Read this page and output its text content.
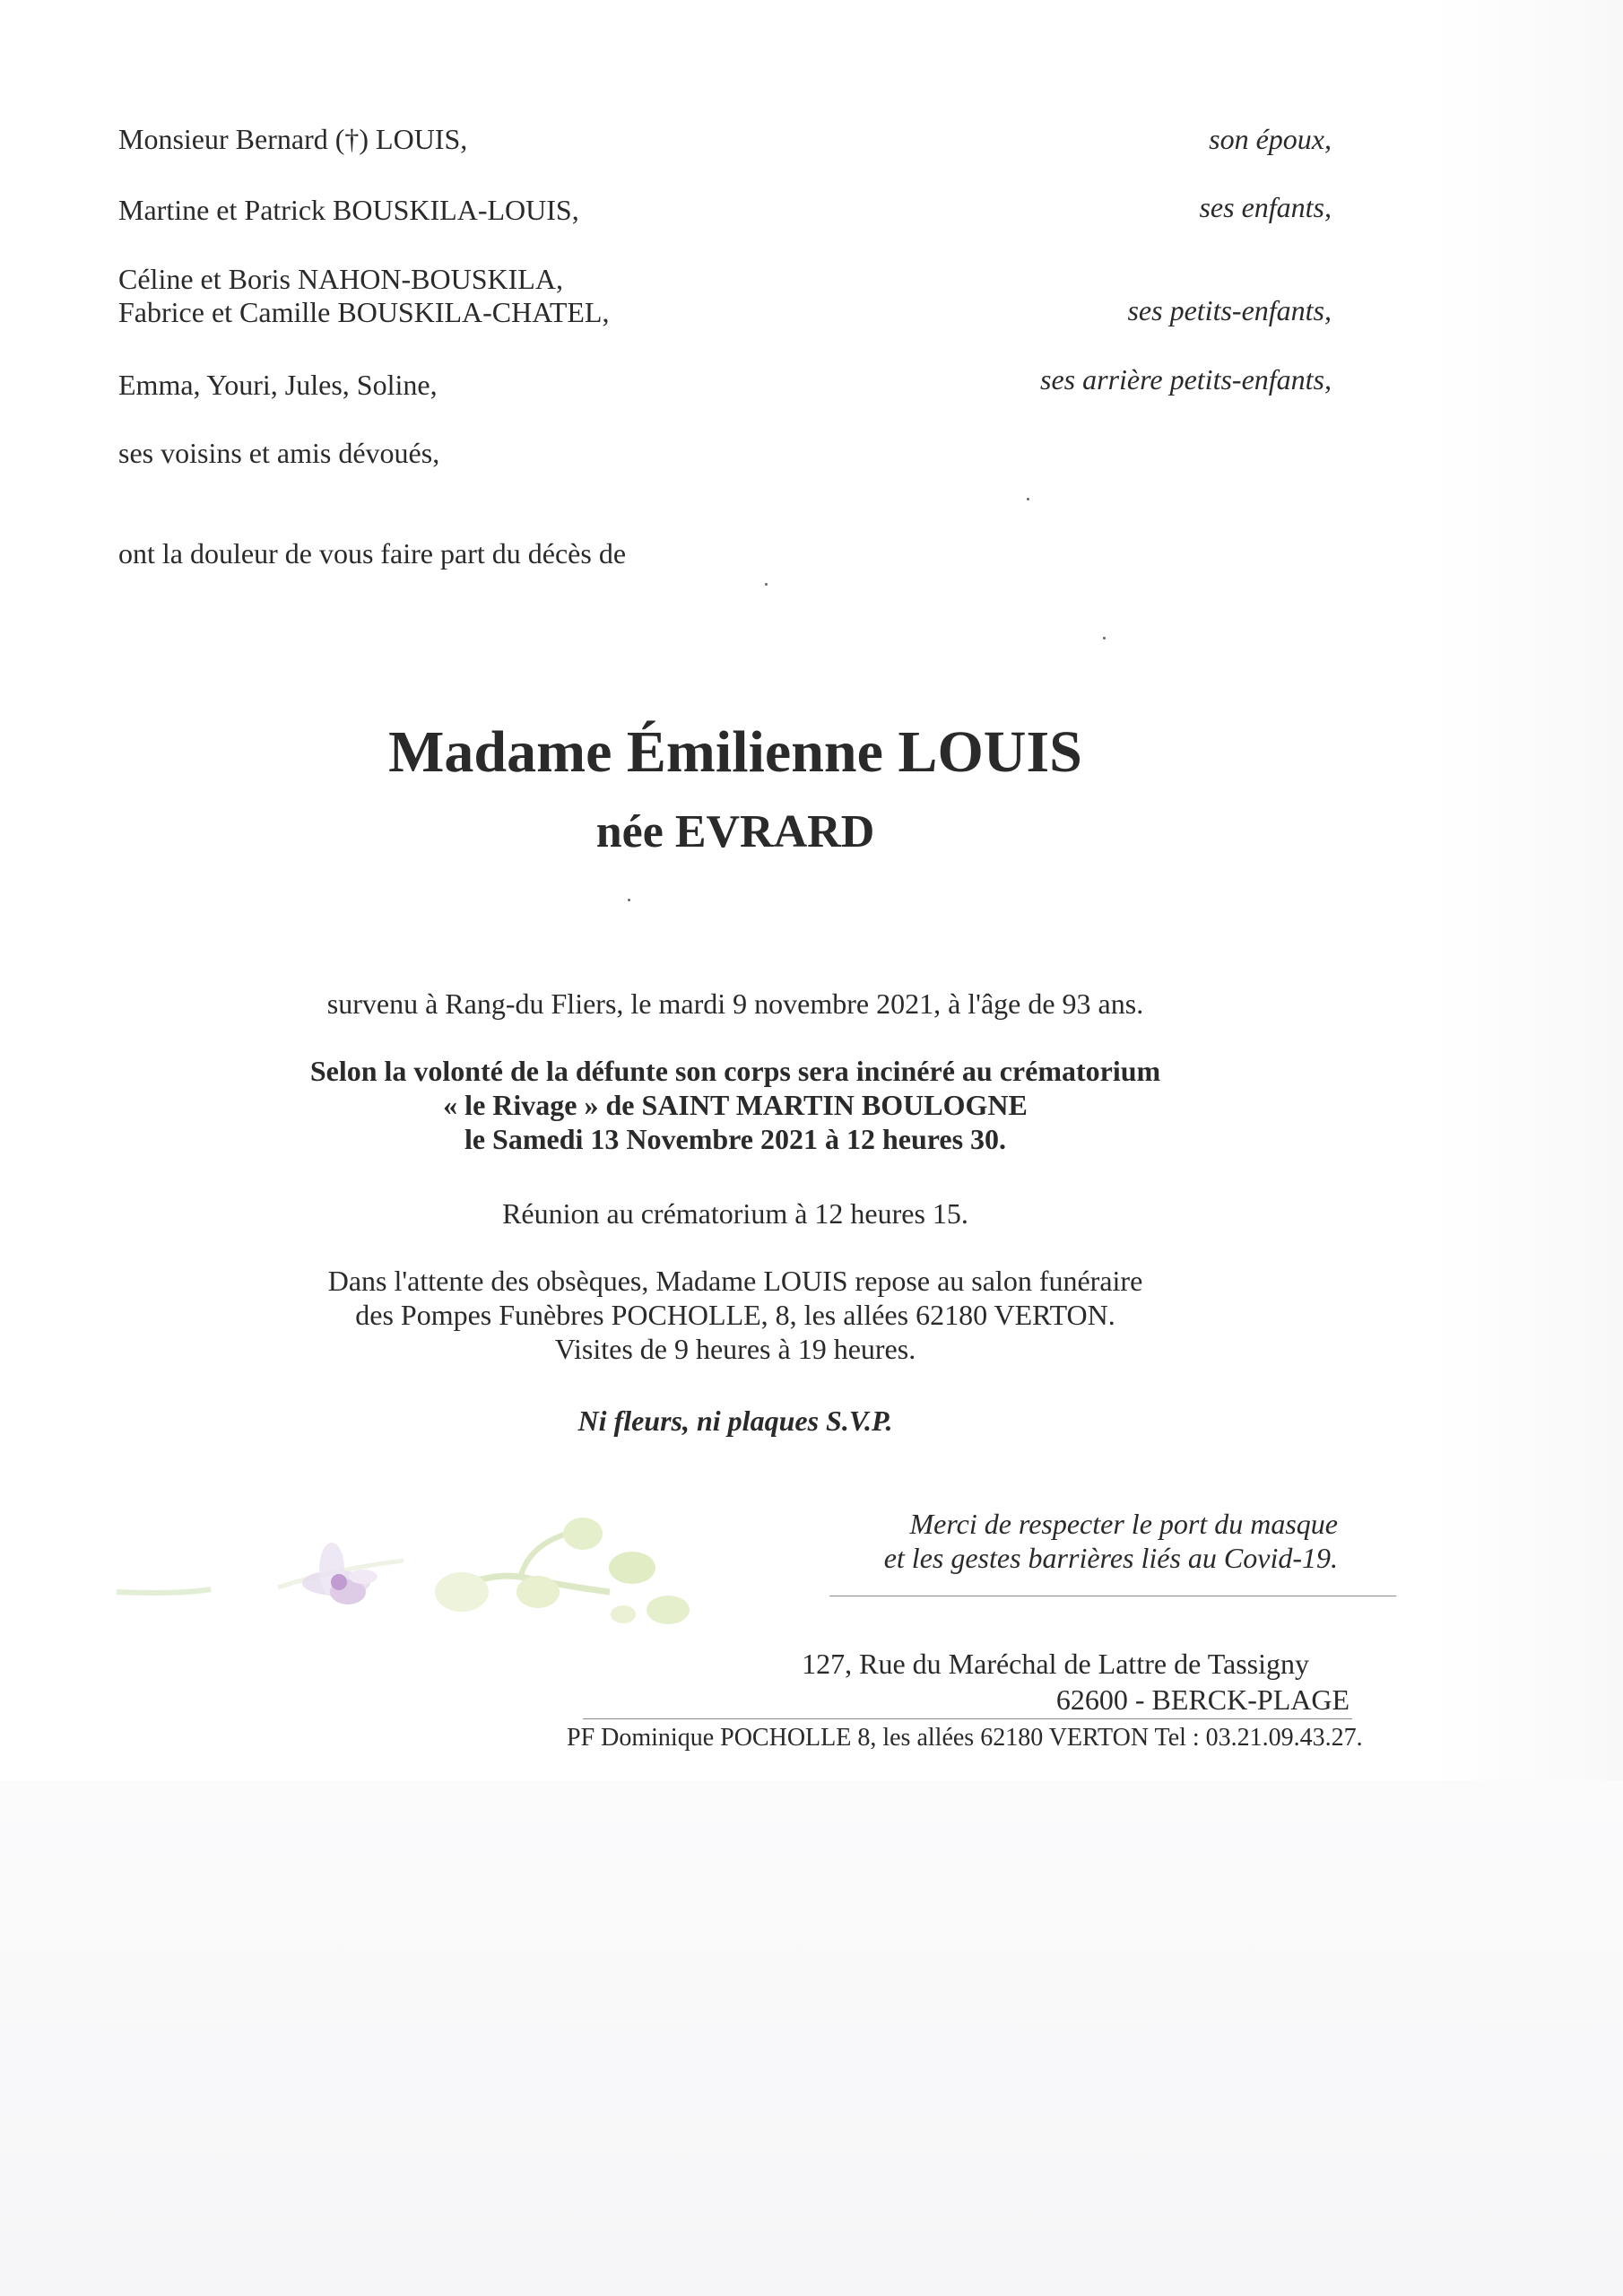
Monsieur Bernard (†) LOUIS,	son époux,
Martine et Patrick BOUSKILA-LOUIS,	ses enfants,
Céline et Boris NAHON-BOUSKILA,
Fabrice et Camille BOUSKILA-CHATEL,	ses petits-enfants,
Emma, Youri, Jules, Soline,	ses arrière petits-enfants,
ses voisins et amis dévoués,
ont la douleur de vous faire part du décès de
Madame Émilienne LOUIS
née EVRARD
survenu à Rang-du Fliers, le mardi 9 novembre 2021, à l'âge de 93 ans.
Selon la volonté de la défunte son corps sera incinéré au crématorium
« le Rivage » de SAINT MARTIN BOULOGNE
le Samedi 13 Novembre 2021 à 12 heures 30.
Réunion au crématorium à 12 heures 15.
Dans l'attente des obsèques, Madame LOUIS repose au salon funéraire
des Pompes Funèbres POCHOLLE, 8, les allées 62180 VERTON.
Visites de 9 heures à 19 heures.
Ni fleurs, ni plaques S.V.P.
Merci de respecter le port du masque
et les gestes barrières liés au Covid-19.
127, Rue du Maréchal de Lattre de Tassigny
62600 - BERCK-PLAGE
PF Dominique POCHOLLE 8, les allées 62180 VERTON Tel : 03.21.09.43.27.
